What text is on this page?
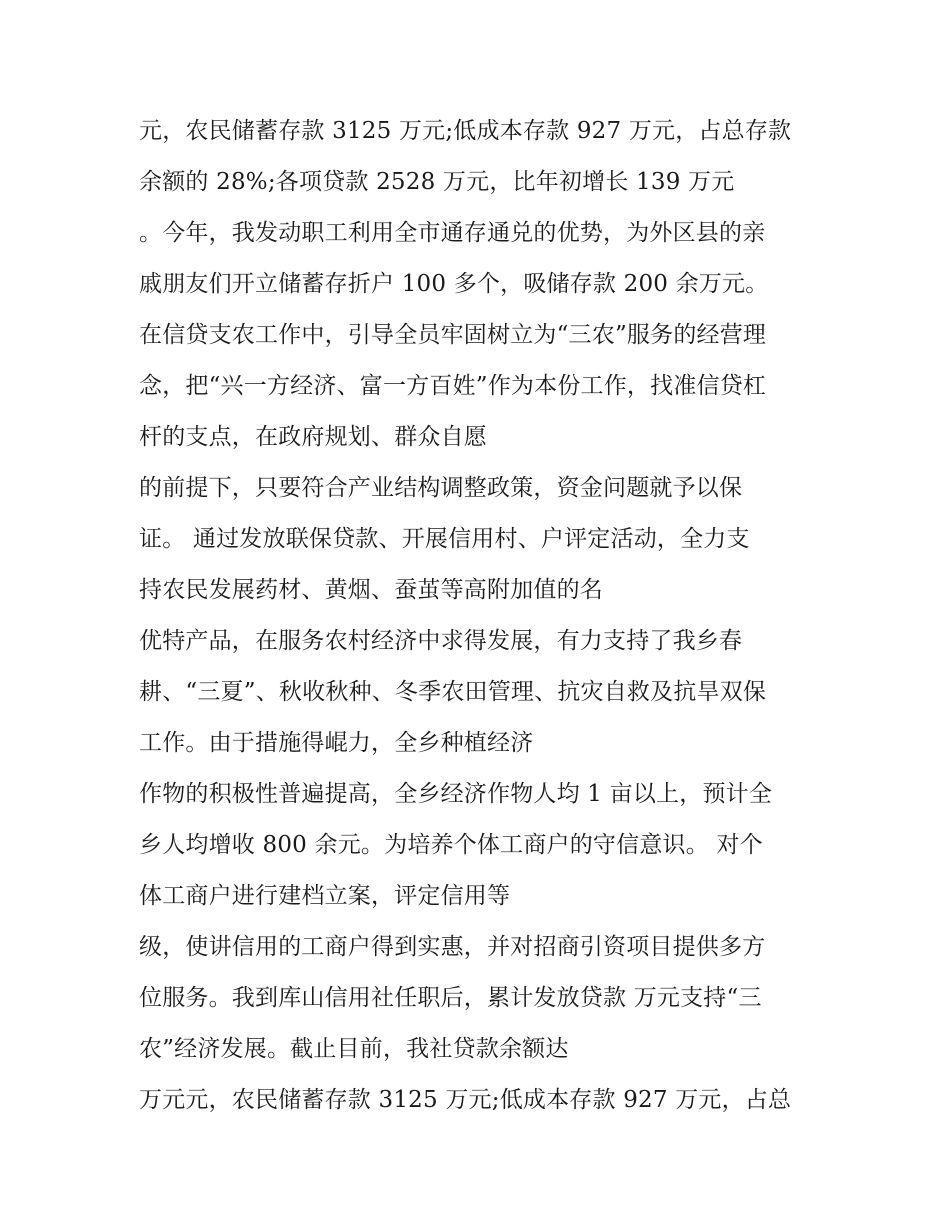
元，农民储蓄存款 3125 万元;低成本存款 927 万元，占总存款
余额的 28%;各项贷款 2528 万元，比年初增长 139 万元
。今年，我发动职工利用全市通存通兑的优势，为外区县的亲
戚朋友们开立储蓄存折户 100 多个，吸储存款 200 余万元。
在信贷支农工作中，引导全员牢固树立为“三农”服务的经营理
念，把“兴一方经济、富一方百姓”作为本份工作，找准信贷杠
杆的支点，在政府规划、群众自愿
的前提下，只要符合产业结构调整政策，资金问题就予以保
证。 通过发放联保贷款、开展信用村、户评定活动，全力支
持农民发展药材、黄烟、蚕茧等高附加值的名
优特产品，在服务农村经济中求得发展，有力支持了我乡春
耕、“三夏”、秋收秋种、冬季农田管理、抗灾自救及抗旱双保
工作。由于措施得崐力，全乡种植经济
作物的积极性普遍提高，全乡经济作物人均 1 亩以上，预计全
乡人均增收 800 余元。为培养个体工商户的守信意识。 对个
体工商户进行建档立案，评定信用等
级，使讲信用的工商户得到实惠，并对招商引资项目提供多方
位服务。我到库山信用社任职后，累计发放贷款 万元支持“三
农”经济发展。截止目前，我社贷款余额达
万元元，农民储蓄存款 3125 万元;低成本存款 927 万元，占总
